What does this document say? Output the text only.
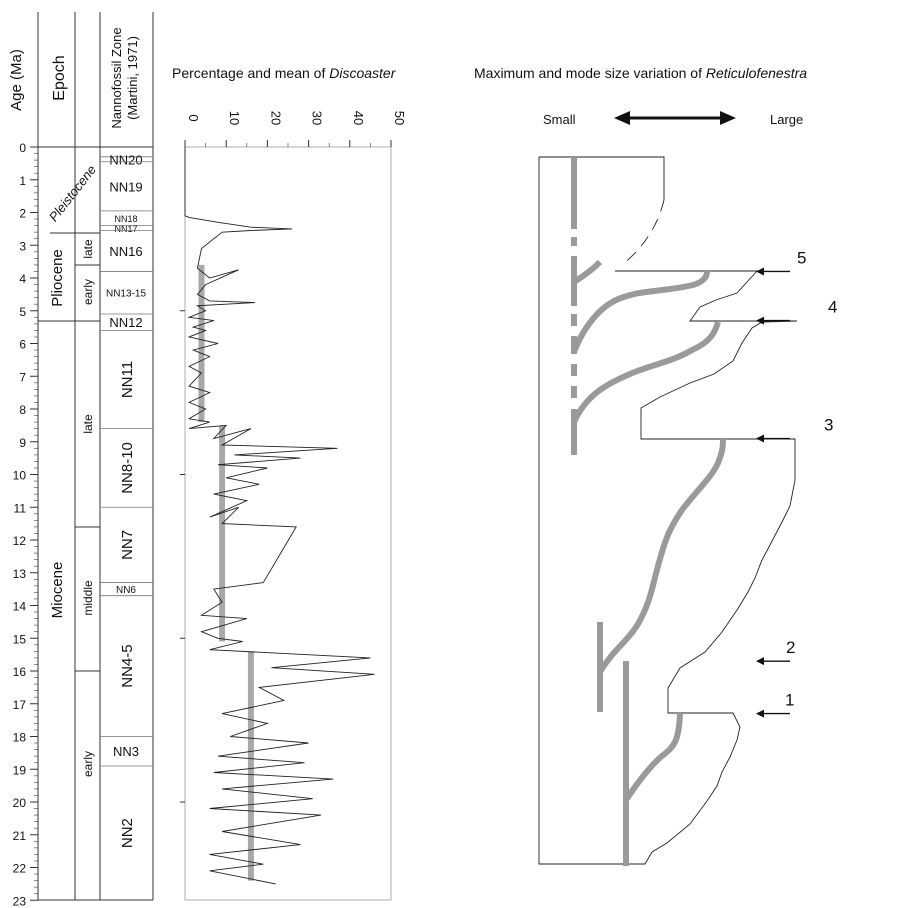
Age (Ma) Epoch	Nannofossil Zone (Martini, 1971)
Pleistocene
Pliocene
Miocene
late
early
late
middle
early
0
1
2
3
4
5
6
7
8
9
10
11
12
13
14
15
16
17
18
19
20
21
22
23
NN20
NN19
NN18
NN17
NN16
NN13-15
NN12
NN11
NN8-10
NN7
NN6
NN4-5
NN3
NN2
Percentage and mean of Discoaster
0 10 20 30 40 50
Maximum and mode size variation of Reticulofenestra
Small	Large
1
2
3
4
5
